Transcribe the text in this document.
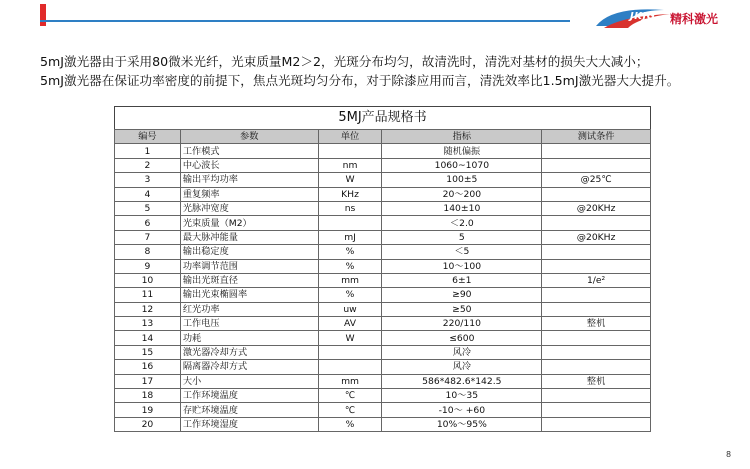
JKJG 精科激光

5mJ激光器由于采用80微米光纤，光束质量M2＞2，光斑分布均匀，故清洗时，清洗对基材的损失大大减小；

5mJ激光器在保证功率密度的前提下，焦点光斑均匀分布，对于除漆应用而言，清洗效率比1.5mJ激光器大大提升。

5MJ产品规格书
编号	参数	单位	指标	测试条件
1	工作模式		随机偏振	
2	中心波长	nm	1060~1070	
3	输出平均功率	W	100±5	@25℃
4	重复频率	KHz	20～200	
5	光脉冲宽度	ns	140±10	@20KHz
6	光束质量（M2）		＜2.0	
7	最大脉冲能量	mJ	5	@20KHz
8	输出稳定度	%	＜5	
9	功率调节范围	%	10～100	
10	输出光斑直径	mm	6±1	1/e²
11	输出光束椭圆率	%	≥90	
12	红光功率	uw	≥50	
13	工作电压	AV	220/110	整机
14	功耗	W	≤600	
15	激光器冷却方式		风冷	
16	隔离器冷却方式		风冷	
17	大小	mm	586*482.6*142.5	整机
18	工作环境温度	℃	10～35	
19	存贮环境温度	℃	-10～ +60	
20	工作环境湿度	%	10%～95%	
8
